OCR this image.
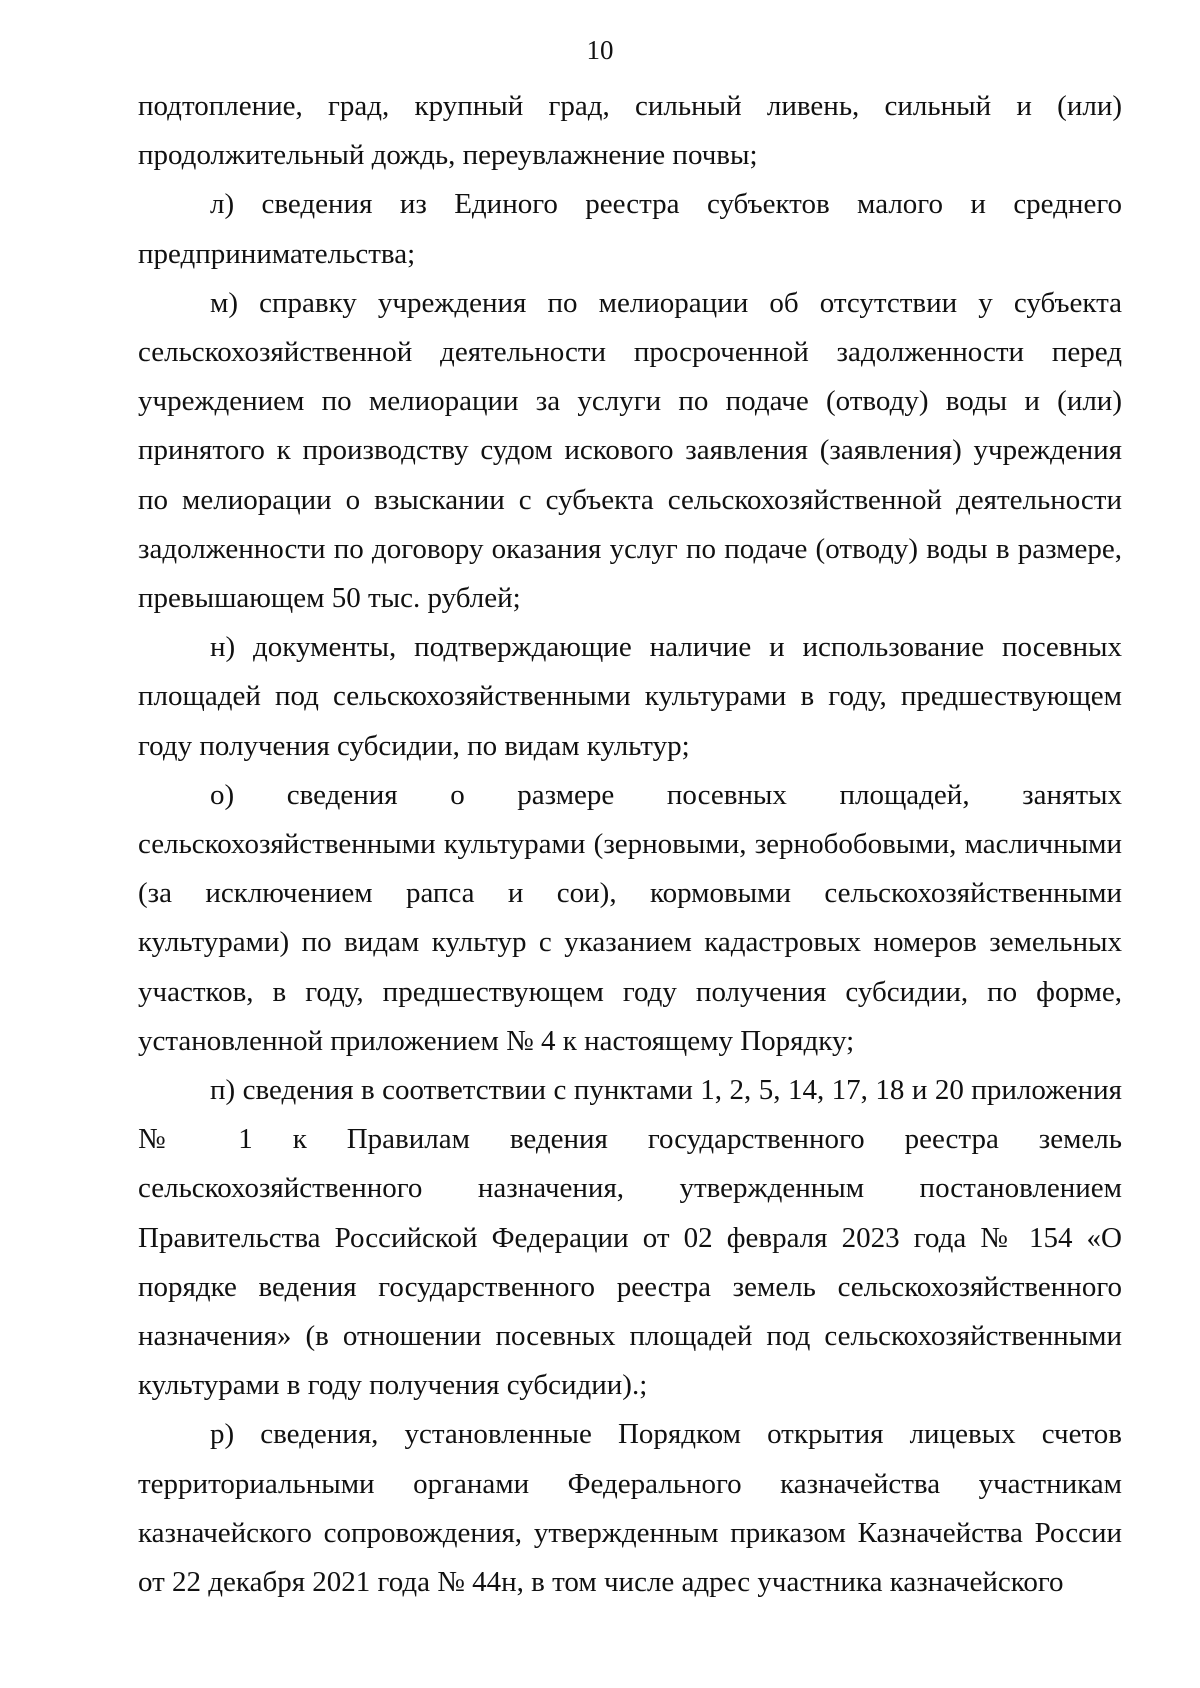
10

подтопление, град, крупный град, сильный ливень, сильный и (или) продолжительный дождь, переувлажнение почвы;

л) сведения из Единого реестра субъектов малого и среднего предпринимательства;

м) справку учреждения по мелиорации об отсутствии у субъекта сельскохозяйственной деятельности просроченной задолженности перед учреждением по мелиорации за услуги по подаче (отводу) воды и (или) принятого к производству судом искового заявления (заявления) учреждения по мелиорации о взыскании с субъекта сельскохозяйственной деятельности задолженности по договору оказания услуг по подаче (отводу) воды в размере, превышающем 50 тыс. рублей;

н) документы, подтверждающие наличие и использование посевных площадей под сельскохозяйственными культурами в году, предшествующем году получения субсидии, по видам культур;

о) сведения о размере посевных площадей, занятых сельскохозяйственными культурами (зерновыми, зернобобовыми, масличными (за исключением рапса и сои), кормовыми сельскохозяйственными культурами) по видам культур с указанием кадастровых номеров земельных участков, в году, предшествующем году получения субсидии, по форме, установленной приложением № 4 к настоящему Порядку;

п) сведения в соответствии с пунктами 1, 2, 5, 14, 17, 18 и 20 приложения № 1 к Правилам ведения государственного реестра земель сельскохозяйственного назначения, утвержденным постановлением Правительства Российской Федерации от 02 февраля 2023 года № 154 «О порядке ведения государственного реестра земель сельскохозяйственного назначения» (в отношении посевных площадей под сельскохозяйственными культурами в году получения субсидии).;

р) сведения, установленные Порядком открытия лицевых счетов территориальными органами Федерального казначейства участникам казначейского сопровождения, утвержденным приказом Казначейства России от 22 декабря 2021 года № 44н, в том числе адрес участника казначейского
